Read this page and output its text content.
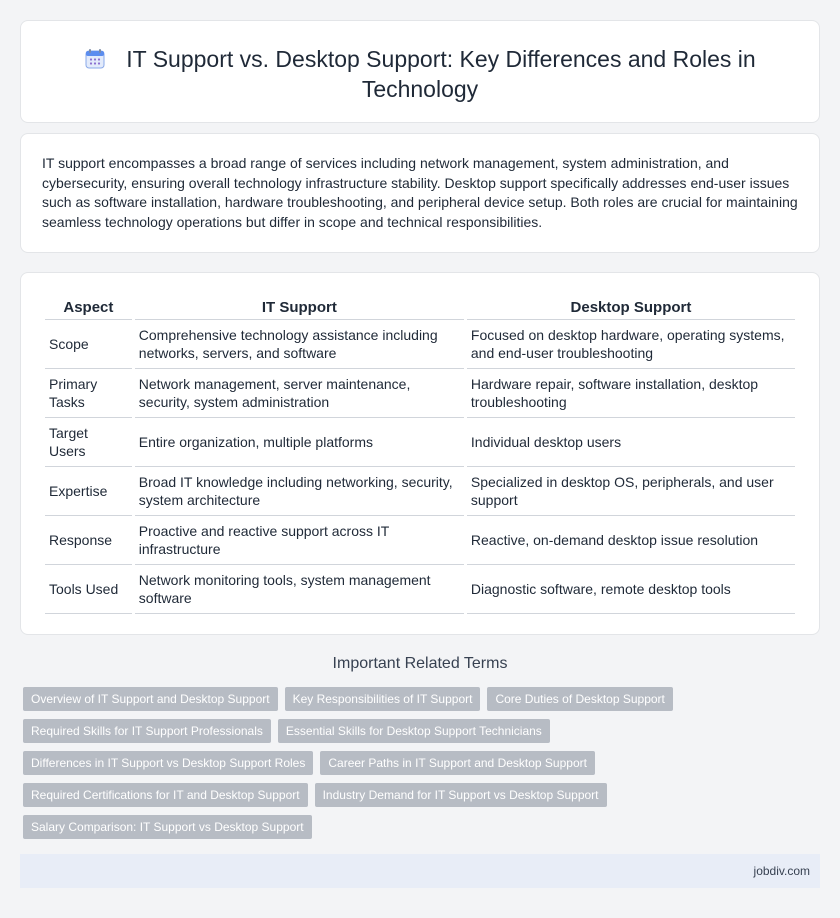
IT Support vs. Desktop Support: Key Differences and Roles in Technology

IT support encompasses a broad range of services including network management, system administration, and cybersecurity, ensuring overall technology infrastructure stability. Desktop support specifically addresses end-user issues such as software installation, hardware troubleshooting, and peripheral device setup. Both roles are crucial for maintaining seamless technology operations but differ in scope and technical responsibilities.

Aspect	IT Support	Desktop Support
Scope	Comprehensive technology assistance including networks, servers, and software	Focused on desktop hardware, operating systems, and end-user troubleshooting
Primary Tasks	Network management, server maintenance, security, system administration	Hardware repair, software installation, desktop troubleshooting
Target Users	Entire organization, multiple platforms	Individual desktop users
Expertise	Broad IT knowledge including networking, security, system architecture	Specialized in desktop OS, peripherals, and user support
Response	Proactive and reactive support across IT infrastructure	Reactive, on-demand desktop issue resolution
Tools Used	Network monitoring tools, system management software	Diagnostic software, remote desktop tools
Important Related Terms
Overview of IT Support and Desktop Support	Key Responsibilities of IT Support	Core Duties of Desktop Support
Required Skills for IT Support Professionals	Essential Skills for Desktop Support Technicians
Differences in IT Support vs Desktop Support Roles	Career Paths in IT Support and Desktop Support
Required Certifications for IT and Desktop Support	Industry Demand for IT Support vs Desktop Support
Salary Comparison: IT Support vs Desktop Support
jobdiv.com
